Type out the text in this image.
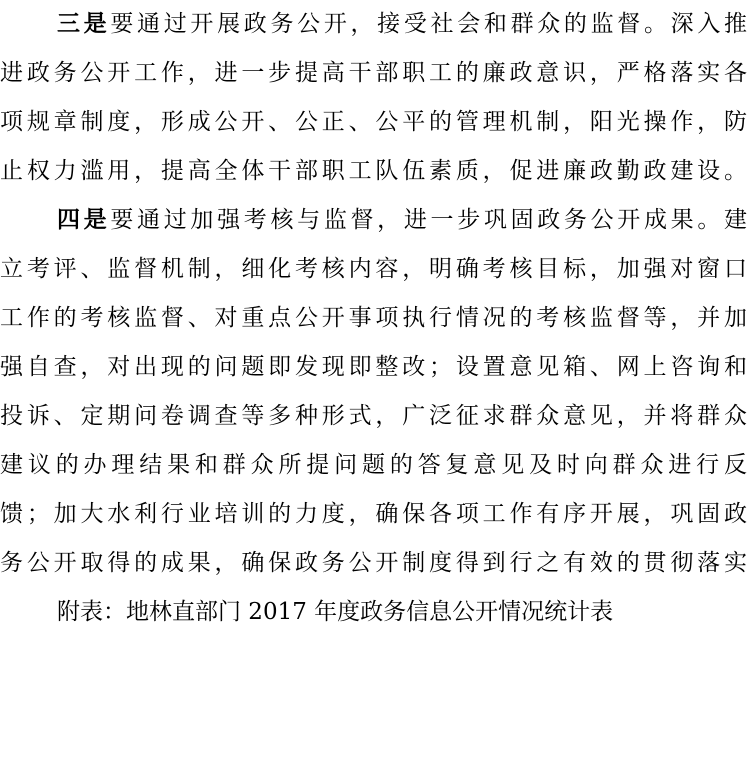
三是要通过开展政务公开，接受社会和群众的监督。深入推
进政务公开工作，进一步提高干部职工的廉政意识，严格落实各
项规章制度，形成公开、公正、公平的管理机制，阳光操作，防
止权力滥用，提高全体干部职工队伍素质，促进廉政勤政建设。
四是要通过加强考核与监督，进一步巩固政务公开成果。建
立考评、监督机制，细化考核内容，明确考核目标，加强对窗口
工作的考核监督、对重点公开事项执行情况的考核监督等，并加
强自查，对出现的问题即发现即整改；设置意见箱、网上咨询和
投诉、定期问卷调查等多种形式，广泛征求群众意见，并将群众
建议的办理结果和群众所提问题的答复意见及时向群众进行反
馈；加大水利行业培训的力度，确保各项工作有序开展，巩固政
务公开取得的成果，确保政务公开制度得到行之有效的贯彻落实
附表：地林直部门 2017 年度政务信息公开情况统计表
